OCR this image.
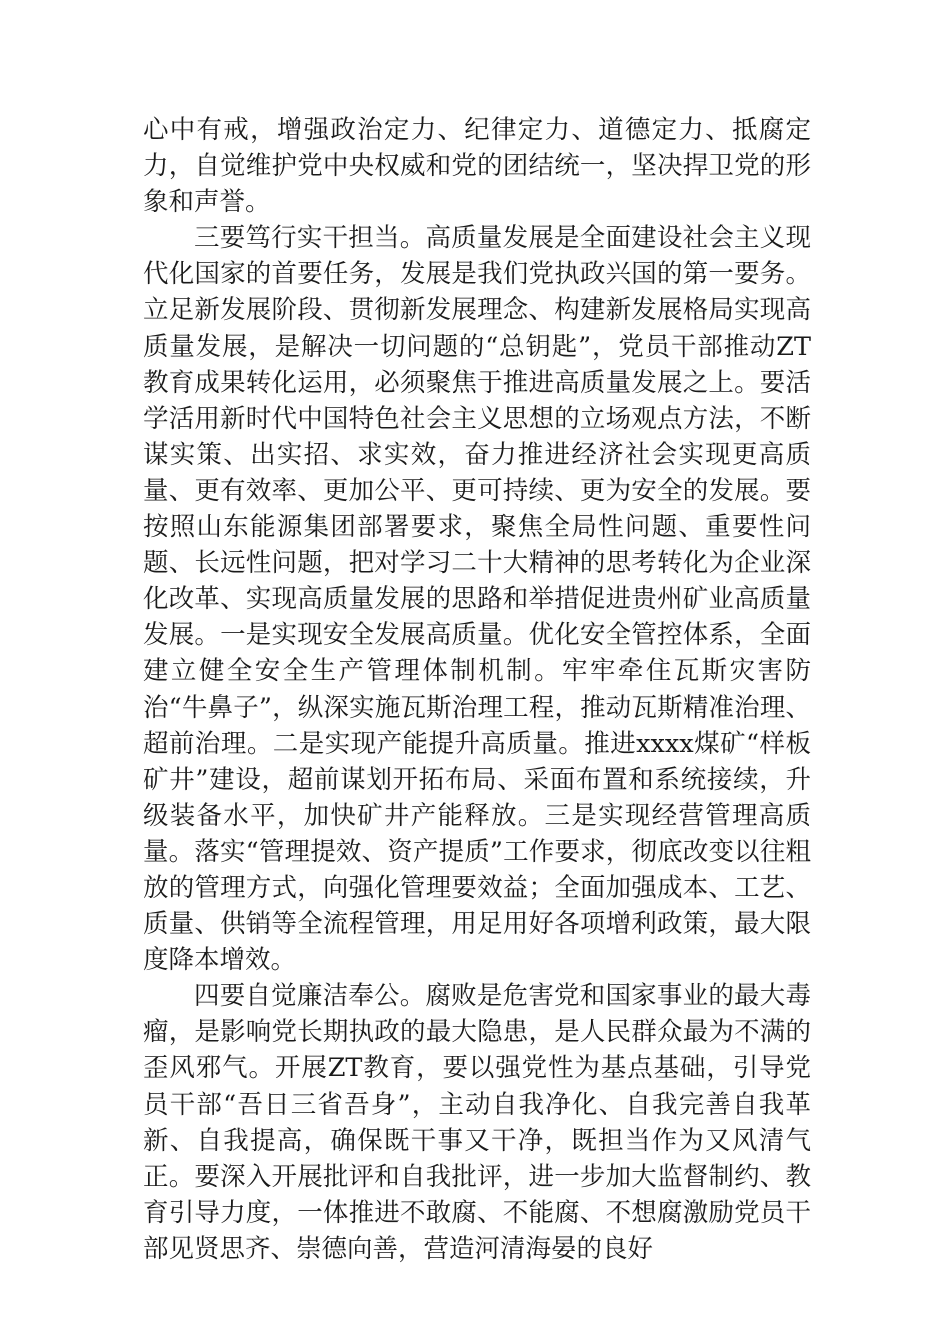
心中有戒，增强政治定力、纪律定力、道德定力、抵腐定力，自觉维护党中央权威和党的团结统一，坚决捍卫党的形象和声誉。

三要笃行实干担当。高质量发展是全面建设社会主义现代化国家的首要任务，发展是我们党执政兴国的第一要务。立足新发展阶段、贯彻新发展理念、构建新发展格局实现高质量发展，是解决一切问题的“总钥匙”，党员干部推动ZT教育成果转化运用，必须聚焦于推进高质量发展之上。要活学活用新时代中国特色社会主义思想的立场观点方法，不断谋实策、出实招、求实效，奋力推进经济社会实现更高质量、更有效率、更加公平、更可持续、更为安全的发展。要按照山东能源集团部署要求，聚焦全局性问题、重要性问题、长远性问题，把对学习二十大精神的思考转化为企业深化改革、实现高质量发展的思路和举措促进贵州矿业高质量发展。一是实现安全发展高质量。优化安全管控体系，全面建立健全安全生产管理体制机制。牢牢牵住瓦斯灾害防治“牛鼻子”，纵深实施瓦斯治理工程，推动瓦斯精准治理、超前治理。二是实现产能提升高质量。推进xxxx煤矿“样板矿井”建设，超前谋划开拓布局、采面布置和系统接续，升级装备水平，加快矿井产能释放。三是实现经营管理高质量。落实“管理提效、资产提质”工作要求，彻底改变以往粗放的管理方式，向强化管理要效益；全面加强成本、工艺、质量、供销等全流程管理，用足用好各项增利政策，最大限度降本增效。

四要自觉廉洁奉公。腐败是危害党和国家事业的最大毒瘤，是影响党长期执政的最大隐患，是人民群众最为不满的歪风邪气。开展ZT教育，要以强党性为基点基础，引导党员干部“吾日三省吾身”，主动自我净化、自我完善自我革新、自我提高，确保既干事又干净，既担当作为又风清气正。要深入开展批评和自我批评，进一步加大监督制约、教育引导力度，一体推进不敢腐、不能腐、不想腐激励党员干部见贤思齐、崇德向善，营造河清海晏的良好
